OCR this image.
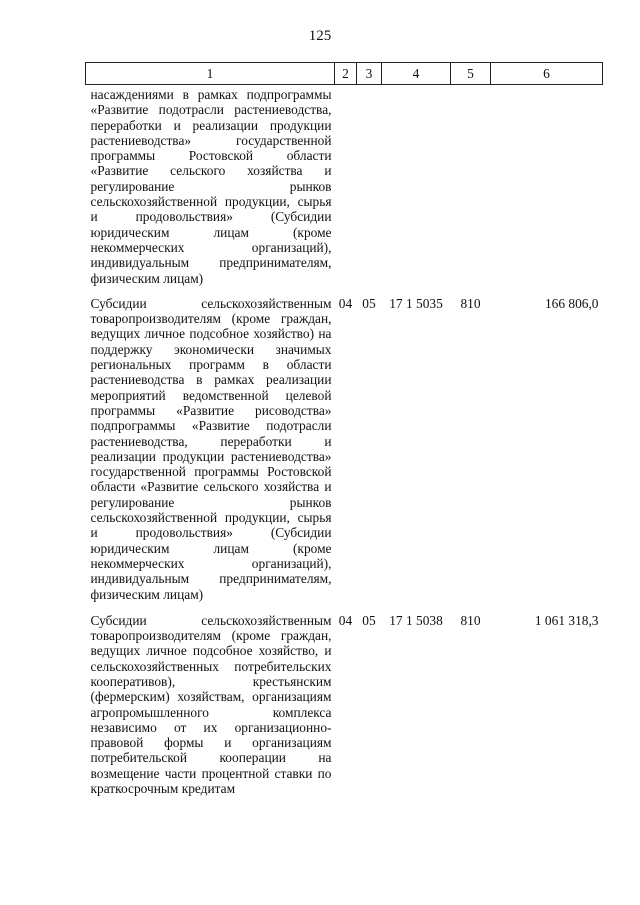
125
1	2	3	4	5	6
насаждениями в рамках подпрограммы «Развитие подотрасли растениеводства, переработки и реализации продукции растениеводства» государственной программы Ростовской области «Развитие сельского хозяйства и регулирование рынков сельскохозяйственной продукции, сырья и продовольствия» (Субсидии юридическим лицам (кроме некоммерческих организаций), индивидуальным предпринимателям, физическим лицам)					
Субсидии сельскохозяйственным товаропроизводителям (кроме граждан, ведущих личное подсобное хозяйство) на поддержку экономически значимых региональных программ в области растениеводства в рамках реализации мероприятий ведомственной целевой программы «Развитие рисоводства» подпрограммы «Развитие подотрасли растениеводства, переработки и реализации продукции растениеводства» государственной программы Ростовской области «Развитие сельского хозяйства и регулирование рынков сельскохозяйственной продукции, сырья и продовольствия» (Субсидии юридическим лицам (кроме некоммерческих организаций), индивидуальным предпринимателям, физическим лицам)	04	05	17 1 5035	810	166 806,0
Субсидии сельскохозяйственным товаропроизводителям (кроме граждан, ведущих личное подсобное хозяйство, и сельскохозяйственных потребительских кооперативов), крестьянским (фермерским) хозяйствам, организациям агропромышленного комплекса независимо от их организационно-правовой формы и организациям потребительской кооперации на возмещение части процентной ставки по краткосрочным кредитам	04	05	17 1 5038	810	1 061 318,3
